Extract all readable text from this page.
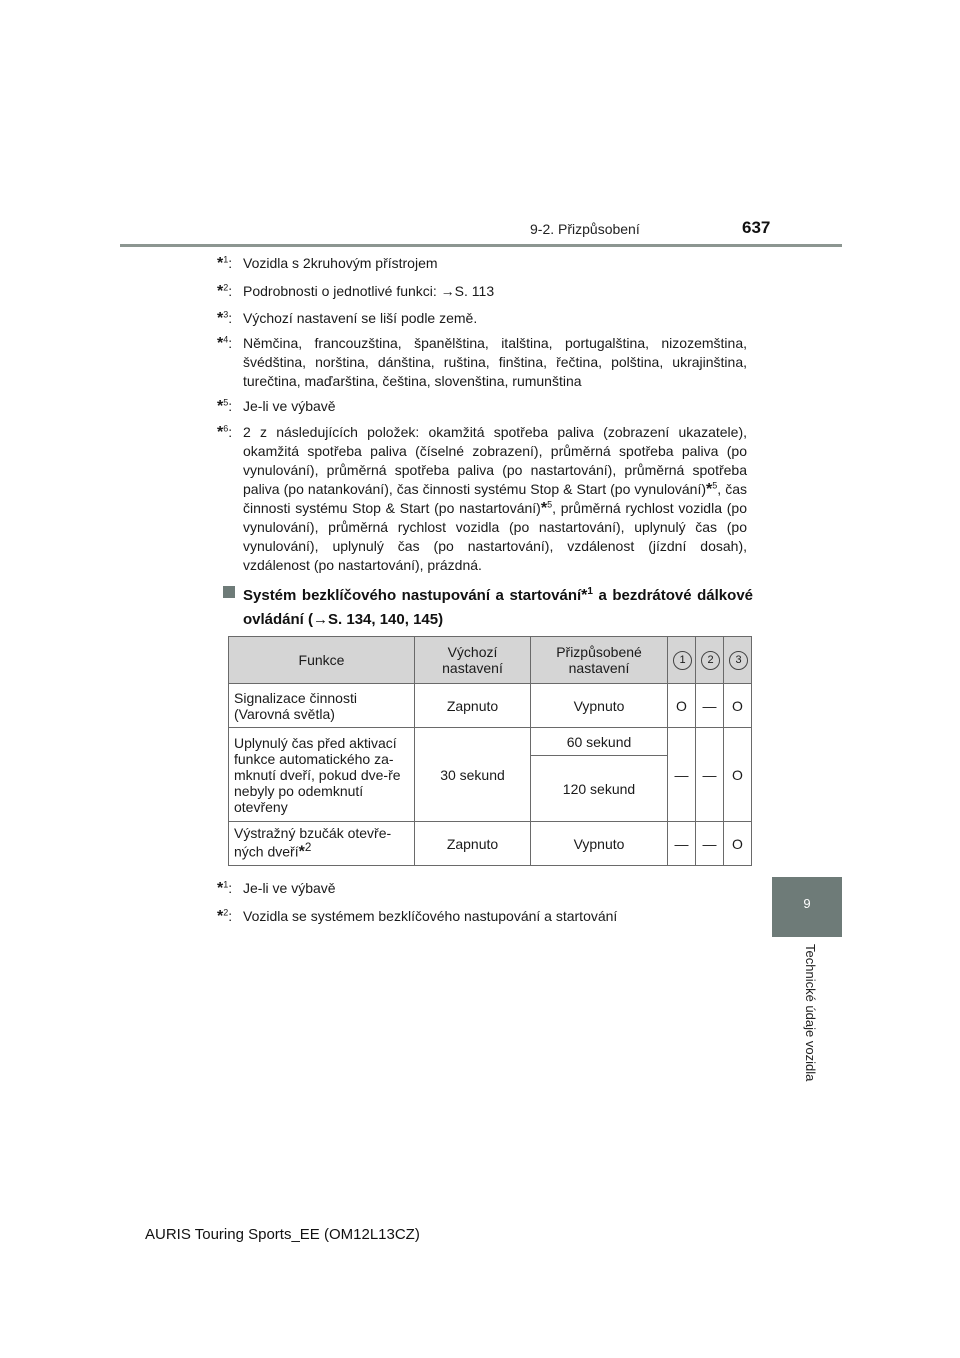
9-2. Přizpůsobení	637
9
Technické údaje vozidla
*$^1$: Vozidla s 2kruhovým přístrojem
*$^2$: Podrobnosti o jednotlivé funkci: →S. 113
*$^3$: Výchozí nastavení se liší podle země.
*$^4$: Němčina, francouzština, španělština, italština, portugalština, nizozemština, švédština, norština, dánština, ruština, finština, řečtina, polština, ukrajinština, turečtina, maďarština, čeština, slovenština, rumunština
*$^5$: Je-li ve výbavě
*$^6$: 2 z následujících položek: okamžitá spotřeba paliva (zobrazení ukazatele), okamžitá spotřeba paliva (číselné zobrazení), průměrná spotřeba paliva (po vynulování), průměrná spotřeba paliva (po nastartování), průměrná spotřeba paliva (po natankování), čas činnosti systému Stop & Start (po vynulování)*$^5$, čas činnosti systému Stop & Start (po nastartování)*$^5$, průměrná rychlost vozidla (po vynulování), průměrná rychlost vozidla (po nastartování), uplynulý čas (po vynulování), uplynulý čas (po nastartování), vzdálenost (jízdní dosah), vzdálenost (po nastartování), prázdná.
Systém bezklíčového nastupování a startování*$^1$ a bezdrátové dálkové ovládání (→S. 134, 140, 145)
Funkce	Výchozí nastavení	Přizpůsobené nastavení	1	2	3
Signalizace činnosti (Varovná světla)	Zapnuto	Vypnuto	O	—	O
Uplynulý čas před aktivací funkce automatického za-mknutí dveří, pokud dve-ře nebyly po odemknutí otevřeny	30 sekund	60 sekund	—	—	O
		120 sekund			
Výstražný bzučák otevře-ných dveří*$^2$	Zapnuto	Vypnuto	—	—	O
*$^1$: Je-li ve výbavě
*$^2$: Vozidla se systémem bezklíčového nastupování a startování
AURIS Touring Sports_EE (OM12L13CZ)
